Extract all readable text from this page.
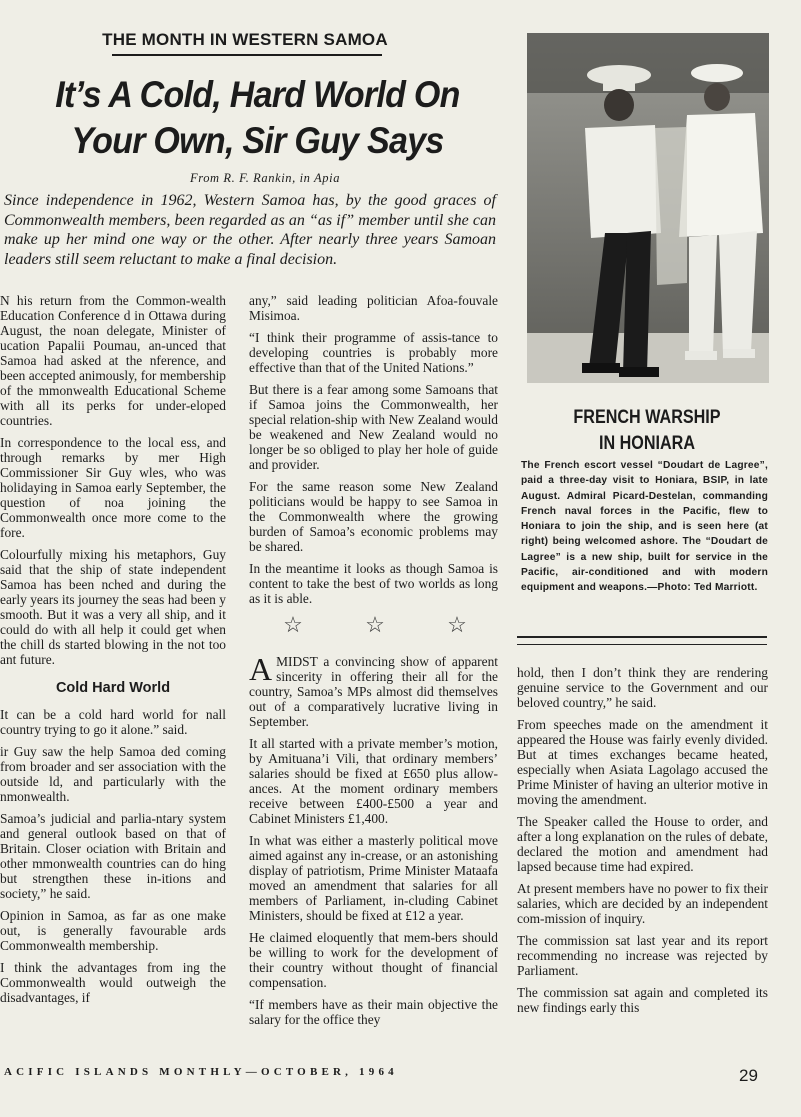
THE MONTH IN WESTERN SAMOA
It’s A Cold, Hard World On
Your Own, Sir Guy Says
From R. F. Rankin, in Apia
Since independence in 1962, Western Samoa has, by the good graces of Commonwealth members, been regarded as an “as if” member until she can make up her mind one way or the other. After nearly three years Samoan leaders still seem reluctant to make a final decision.

N his return from the Common-wealth Education Conference d in Ottawa during August, the noan delegate, Minister of ucation Papalii Poumau, an-unced that Samoa had asked at the nference, and been accepted animously, for membership of the mmonwealth Educational Scheme with all its perks for under-eloped countries.

In correspondence to the local ess, and through remarks by mer High Commissioner Sir Guy wles, who was holidaying in Samoa early September, the question of noa joining the Commonwealth once more come to the fore.

Colourfully mixing his metaphors, Guy said that the ship of state independent Samoa has been nched and during the early years its journey the seas had been y smooth. But it was a very all ship, and it could do with all help it could get when the chill ds started blowing in the not too ant future.

Cold Hard World

It can be a cold hard world for nall country trying to go it alone.” said.

ir Guy saw the help Samoa ded coming from broader and ser association with the outside ld, and particularly with the nmonwealth.

Samoa’s judicial and parlia-ntary system and general outlook based on that of Britain. Closer ociation with Britain and other mmonwealth countries can do hing but strengthen these in-itions and society,” he said.

Opinion in Samoa, as far as one make out, is generally favourable ards Commonwealth membership.

I think the advantages from ing the Commonwealth would outweigh the disadvantages, if

any,” said leading politician Afoa-fouvale Misimoa.

“I think their programme of assis-tance to developing countries is probably more effective than that of the United Nations.”

But there is a fear among some Samoans that if Samoa joins the Commonwealth, her special relation-ship with New Zealand would be weakened and New Zealand would no longer be so obliged to play her hole of guide and provider.

For the same reason some New Zealand politicians would be happy to see Samoa in the Commonwealth where the growing burden of Samoa’s economic problems may be shared.

In the meantime it looks as though Samoa is content to take the best of two worlds as long as it is able.

☆	☆	☆

AMIDST a convincing show of apparent sincerity in offering their all for the country, Samoa’s MPs almost did themselves out of a comparatively lucrative living in September.

It all started with a private member’s motion, by Amituana’i Vili, that ordinary members’ salaries should be fixed at £650 plus allow-ances. At the moment ordinary members receive between £400-£500 a year and Cabinet Ministers £1,400.

In what was either a masterly political move aimed against any in-crease, or an astonishing display of patriotism, Prime Minister Mataafa moved an amendment that salaries for all members of Parliament, in-cluding Cabinet Ministers, should be fixed at £12 a year.

He claimed eloquently that mem-bers should be willing to work for the development of their country without thought of financial compensation.

“If members have as their main objective the salary for the office they

FRENCH WARSHIP
IN HONIARA
The French escort vessel “Doudart de Lagree”, paid a three-day visit to Honiara, BSIP, in late August. Admiral Picard-Destelan, commanding French naval forces in the Pacific, flew to Honiara to join the ship, and is seen here (at right) being welcomed ashore. The “Doudart de Lagree” is a new ship, built for service in the Pacific, air-conditioned and with modern equipment and weapons.—Photo: Ted Marriott.

hold, then I don’t think they are rendering genuine service to the Government and our beloved country,” he said.

From speeches made on the amendment it appeared the House was fairly evenly divided. But at times exchanges became heated, especially when Asiata Lagolago accused the Prime Minister of having an ulterior motive in moving the amendment.

The Speaker called the House to order, and after a long explanation on the rules of debate, declared the motion and amendment had lapsed because time had expired.

At present members have no power to fix their salaries, which are decided by an independent com-mission of inquiry.

The commission sat last year and its report recommending no increase was rejected by Parliament.

The commission sat again and completed its new findings early this

ACIFIC ISLANDS MONTHLY—OCTOBER, 1964	29
